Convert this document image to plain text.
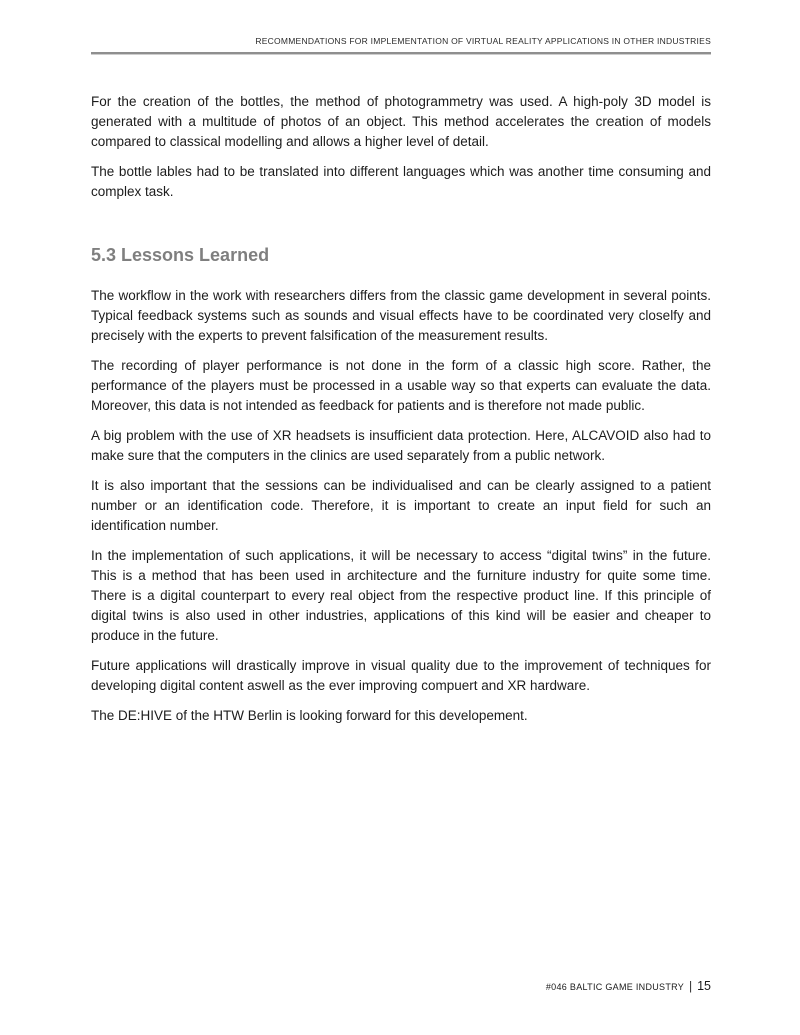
RECOMMENDATIONS FOR IMPLEMENTATION OF VIRTUAL REALITY APPLICATIONS IN OTHER INDUSTRIES

For the creation of the bottles, the method of photogrammetry was used. A high-poly 3D model is generated with a multitude of photos of an object. This method accelerates the creation of models compared to classical modelling and allows a higher level of detail.

The bottle lables had to be translated into different languages which was another time consuming and complex task.

5.3 Lessons Learned

The workflow in the work with researchers differs from the classic game development in several points. Typical feedback systems such as sounds and visual effects have to be coordinated very closelfy and precisely with the experts to prevent falsification of the measurement results.

The recording of player performance is not done in the form of a classic high score. Rather, the performance of the players must be processed in a usable way so that experts can evaluate the data. Moreover, this data is not intended as feedback for patients and is therefore not made public.

A big problem with the use of XR headsets is insufficient data protection. Here, ALCAVOID also had to make sure that the computers in the clinics are used separately from a public network.

It is also important that the sessions can be individualised and can be clearly assigned to a patient number or an identification code. Therefore, it is important to create an input field for such an identification number.

In the implementation of such applications, it will be necessary to access “digital twins” in the future. This is a method that has been used in architecture and the furniture industry for quite some time. There is a digital counterpart to every real object from the respective product line. If this principle of digital twins is also used in other industries, applications of this kind will be easier and cheaper to produce in the future.

Future applications will drastically improve in visual quality due to the improvement of techniques for developing digital content aswell as the ever improving compuert and XR hardware.

The DE:HIVE of the HTW Berlin is looking forward for this developement.

#046 BALTIC GAME INDUSTRY | 15
